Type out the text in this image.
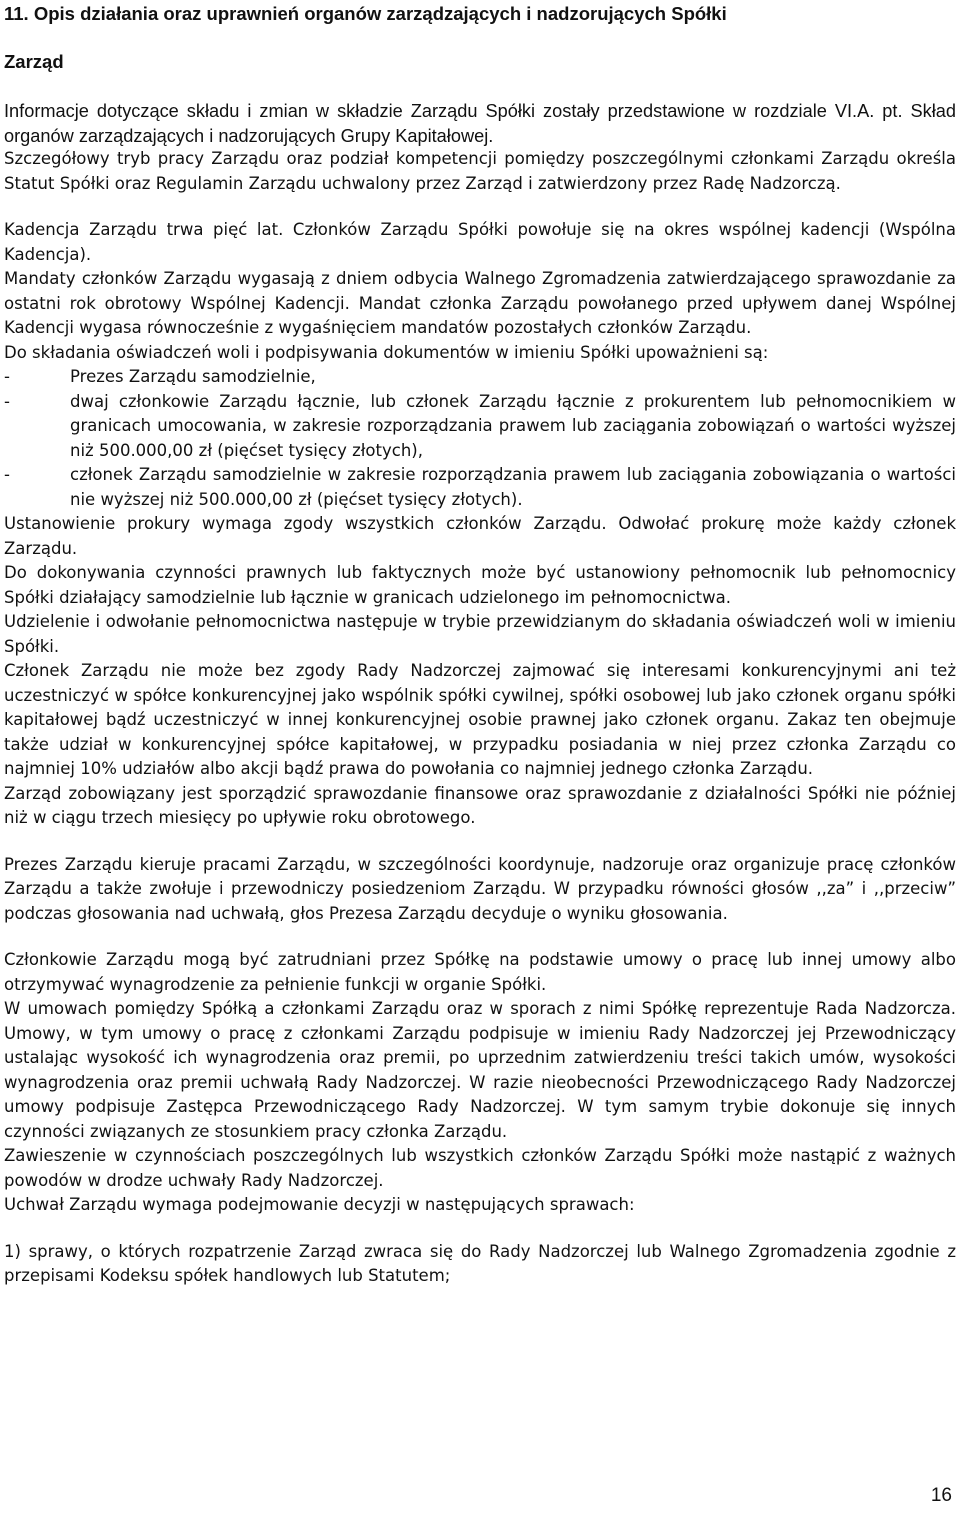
11. Opis działania oraz uprawnień organów zarządzających i nadzorujących Spółki
Zarząd

Informacje dotyczące składu i zmian w składzie Zarządu Spółki zostały przedstawione w rozdziale VI.A. pt. Skład organów zarządzających i nadzorujących Grupy Kapitałowej.

Szczegółowy tryb pracy Zarządu oraz podział kompetencji pomiędzy poszczególnymi członkami Zarządu określa Statut Spółki oraz Regulamin Zarządu uchwalony przez Zarząd i zatwierdzony przez Radę Nadzorczą.

Kadencja Zarządu trwa pięć lat. Członków Zarządu Spółki powołuje się na okres wspólnej kadencji (Wspólna Kadencja).

Mandaty członków Zarządu wygasają z dniem odbycia Walnego Zgromadzenia zatwierdzającego sprawozdanie za ostatni rok obrotowy Wspólnej Kadencji. Mandat członka Zarządu powołanego przed upływem danej Wspólnej Kadencji wygasa równocześnie z wygaśnięciem mandatów pozostałych członków Zarządu.

Do składania oświadczeń woli i podpisywania dokumentów w imieniu Spółki upoważnieni są:

- Prezes Zarządu samodzielnie,
- dwaj członkowie Zarządu łącznie, lub członek Zarządu łącznie z prokurentem lub pełnomocnikiem w granicach umocowania, w zakresie rozporządzania prawem lub zaciągania zobowiązań o wartości wyższej niż 500.000,00 zł (pięćset tysięcy złotych),
- członek Zarządu samodzielnie w zakresie rozporządzania prawem lub zaciągania zobowiązania o wartości nie wyższej niż 500.000,00 zł (pięćset tysięcy złotych).

Ustanowienie prokury wymaga zgody wszystkich członków Zarządu. Odwołać prokurę może każdy członek Zarządu.

Do dokonywania czynności prawnych lub faktycznych może być ustanowiony pełnomocnik lub pełnomocnicy Spółki działający samodzielnie lub łącznie w granicach udzielonego im pełnomocnictwa.

Udzielenie i odwołanie pełnomocnictwa następuje w trybie przewidzianym do składania oświadczeń woli w imieniu Spółki.

Członek Zarządu nie może bez zgody Rady Nadzorczej zajmować się interesami konkurencyjnymi ani też uczestniczyć w spółce konkurencyjnej jako wspólnik spółki cywilnej, spółki osobowej lub jako członek organu spółki kapitałowej bądź uczestniczyć w innej konkurencyjnej osobie prawnej jako członek organu. Zakaz ten obejmuje także udział w konkurencyjnej spółce kapitałowej, w przypadku posiadania w niej przez członka Zarządu co najmniej 10% udziałów albo akcji bądź prawa do powołania co najmniej jednego członka Zarządu.

Zarząd zobowiązany jest sporządzić sprawozdanie finansowe oraz sprawozdanie z działalności Spółki nie później niż w ciągu trzech miesięcy po upływie roku obrotowego.

Prezes Zarządu kieruje pracami Zarządu, w szczególności koordynuje, nadzoruje oraz organizuje pracę członków Zarządu a także zwołuje i przewodniczy posiedzeniom Zarządu. W przypadku równości głosów ,,za” i ,,przeciw” podczas głosowania nad uchwałą, głos Prezesa Zarządu decyduje o wyniku głosowania.

Członkowie Zarządu mogą być zatrudniani przez Spółkę na podstawie umowy o pracę lub innej umowy albo otrzymywać wynagrodzenie za pełnienie funkcji w organie Spółki.

W umowach pomiędzy Spółką a członkami Zarządu oraz w sporach z nimi Spółkę reprezentuje Rada Nadzorcza. Umowy, w tym umowy o pracę z członkami Zarządu podpisuje w imieniu Rady Nadzorczej jej Przewodniczący ustalając wysokość ich wynagrodzenia oraz premii, po uprzednim zatwierdzeniu treści takich umów, wysokości wynagrodzenia oraz premii uchwałą Rady Nadzorczej. W razie nieobecności Przewodniczącego Rady Nadzorczej umowy podpisuje Zastępca Przewodniczącego Rady Nadzorczej. W tym samym trybie dokonuje się innych czynności związanych ze stosunkiem pracy członka Zarządu.

Zawieszenie w czynnościach poszczególnych lub wszystkich członków Zarządu Spółki może nastąpić z ważnych powodów w drodze uchwały Rady Nadzorczej.

Uchwał Zarządu wymaga podejmowanie decyzji w następujących sprawach:

1) sprawy, o których rozpatrzenie Zarząd zwraca się do Rady Nadzorczej lub Walnego Zgromadzenia zgodnie z przepisami Kodeksu spółek handlowych lub Statutem;

16
